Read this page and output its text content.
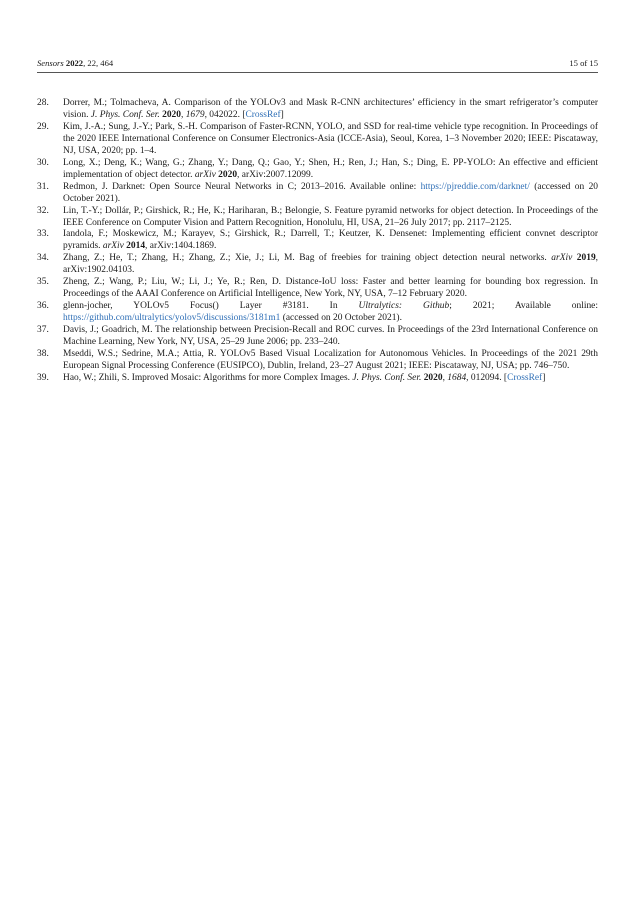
Sensors 2022, 22, 464	15 of 15
28. Dorrer, M.; Tolmacheva, A. Comparison of the YOLOv3 and Mask R-CNN architectures’ efficiency in the smart refrigerator’s computer vision. J. Phys. Conf. Ser. 2020, 1679, 042022. [CrossRef]
29. Kim, J.-A.; Sung, J.-Y.; Park, S.-H. Comparison of Faster-RCNN, YOLO, and SSD for real-time vehicle type recognition. In Proceedings of the 2020 IEEE International Conference on Consumer Electronics-Asia (ICCE-Asia), Seoul, Korea, 1–3 November 2020; IEEE: Piscataway, NJ, USA, 2020; pp. 1–4.
30. Long, X.; Deng, K.; Wang, G.; Zhang, Y.; Dang, Q.; Gao, Y.; Shen, H.; Ren, J.; Han, S.; Ding, E. PP-YOLO: An effective and efficient implementation of object detector. arXiv 2020, arXiv:2007.12099.
31. Redmon, J. Darknet: Open Source Neural Networks in C; 2013–2016. Available online: https://pjreddie.com/darknet/ (accessed on 20 October 2021).
32. Lin, T.-Y.; Dollár, P.; Girshick, R.; He, K.; Hariharan, B.; Belongie, S. Feature pyramid networks for object detection. In Proceedings of the IEEE Conference on Computer Vision and Pattern Recognition, Honolulu, HI, USA, 21–26 July 2017; pp. 2117–2125.
33. Iandola, F.; Moskewicz, M.; Karayev, S.; Girshick, R.; Darrell, T.; Keutzer, K. Densenet: Implementing efficient convnet descriptor pyramids. arXiv 2014, arXiv:1404.1869.
34. Zhang, Z.; He, T.; Zhang, H.; Zhang, Z.; Xie, J.; Li, M. Bag of freebies for training object detection neural networks. arXiv 2019, arXiv:1902.04103.
35. Zheng, Z.; Wang, P.; Liu, W.; Li, J.; Ye, R.; Ren, D. Distance-IoU loss: Faster and better learning for bounding box regression. In Proceedings of the AAAI Conference on Artificial Intelligence, New York, NY, USA, 7–12 February 2020.
36. glenn-jocher, YOLOv5 Focus() Layer #3181. In Ultralytics: Github; 2021; Available online: https://github.com/ultralytics/yolov5/discussions/3181m1 (accessed on 20 October 2021).
37. Davis, J.; Goadrich, M. The relationship between Precision-Recall and ROC curves. In Proceedings of the 23rd International Conference on Machine Learning, New York, NY, USA, 25–29 June 2006; pp. 233–240.
38. Mseddi, W.S.; Sedrine, M.A.; Attia, R. YOLOv5 Based Visual Localization for Autonomous Vehicles. In Proceedings of the 2021 29th European Signal Processing Conference (EUSIPCO), Dublin, Ireland, 23–27 August 2021; IEEE: Piscataway, NJ, USA; pp. 746–750.
39. Hao, W.; Zhili, S. Improved Mosaic: Algorithms for more Complex Images. J. Phys. Conf. Ser. 2020, 1684, 012094. [CrossRef]
